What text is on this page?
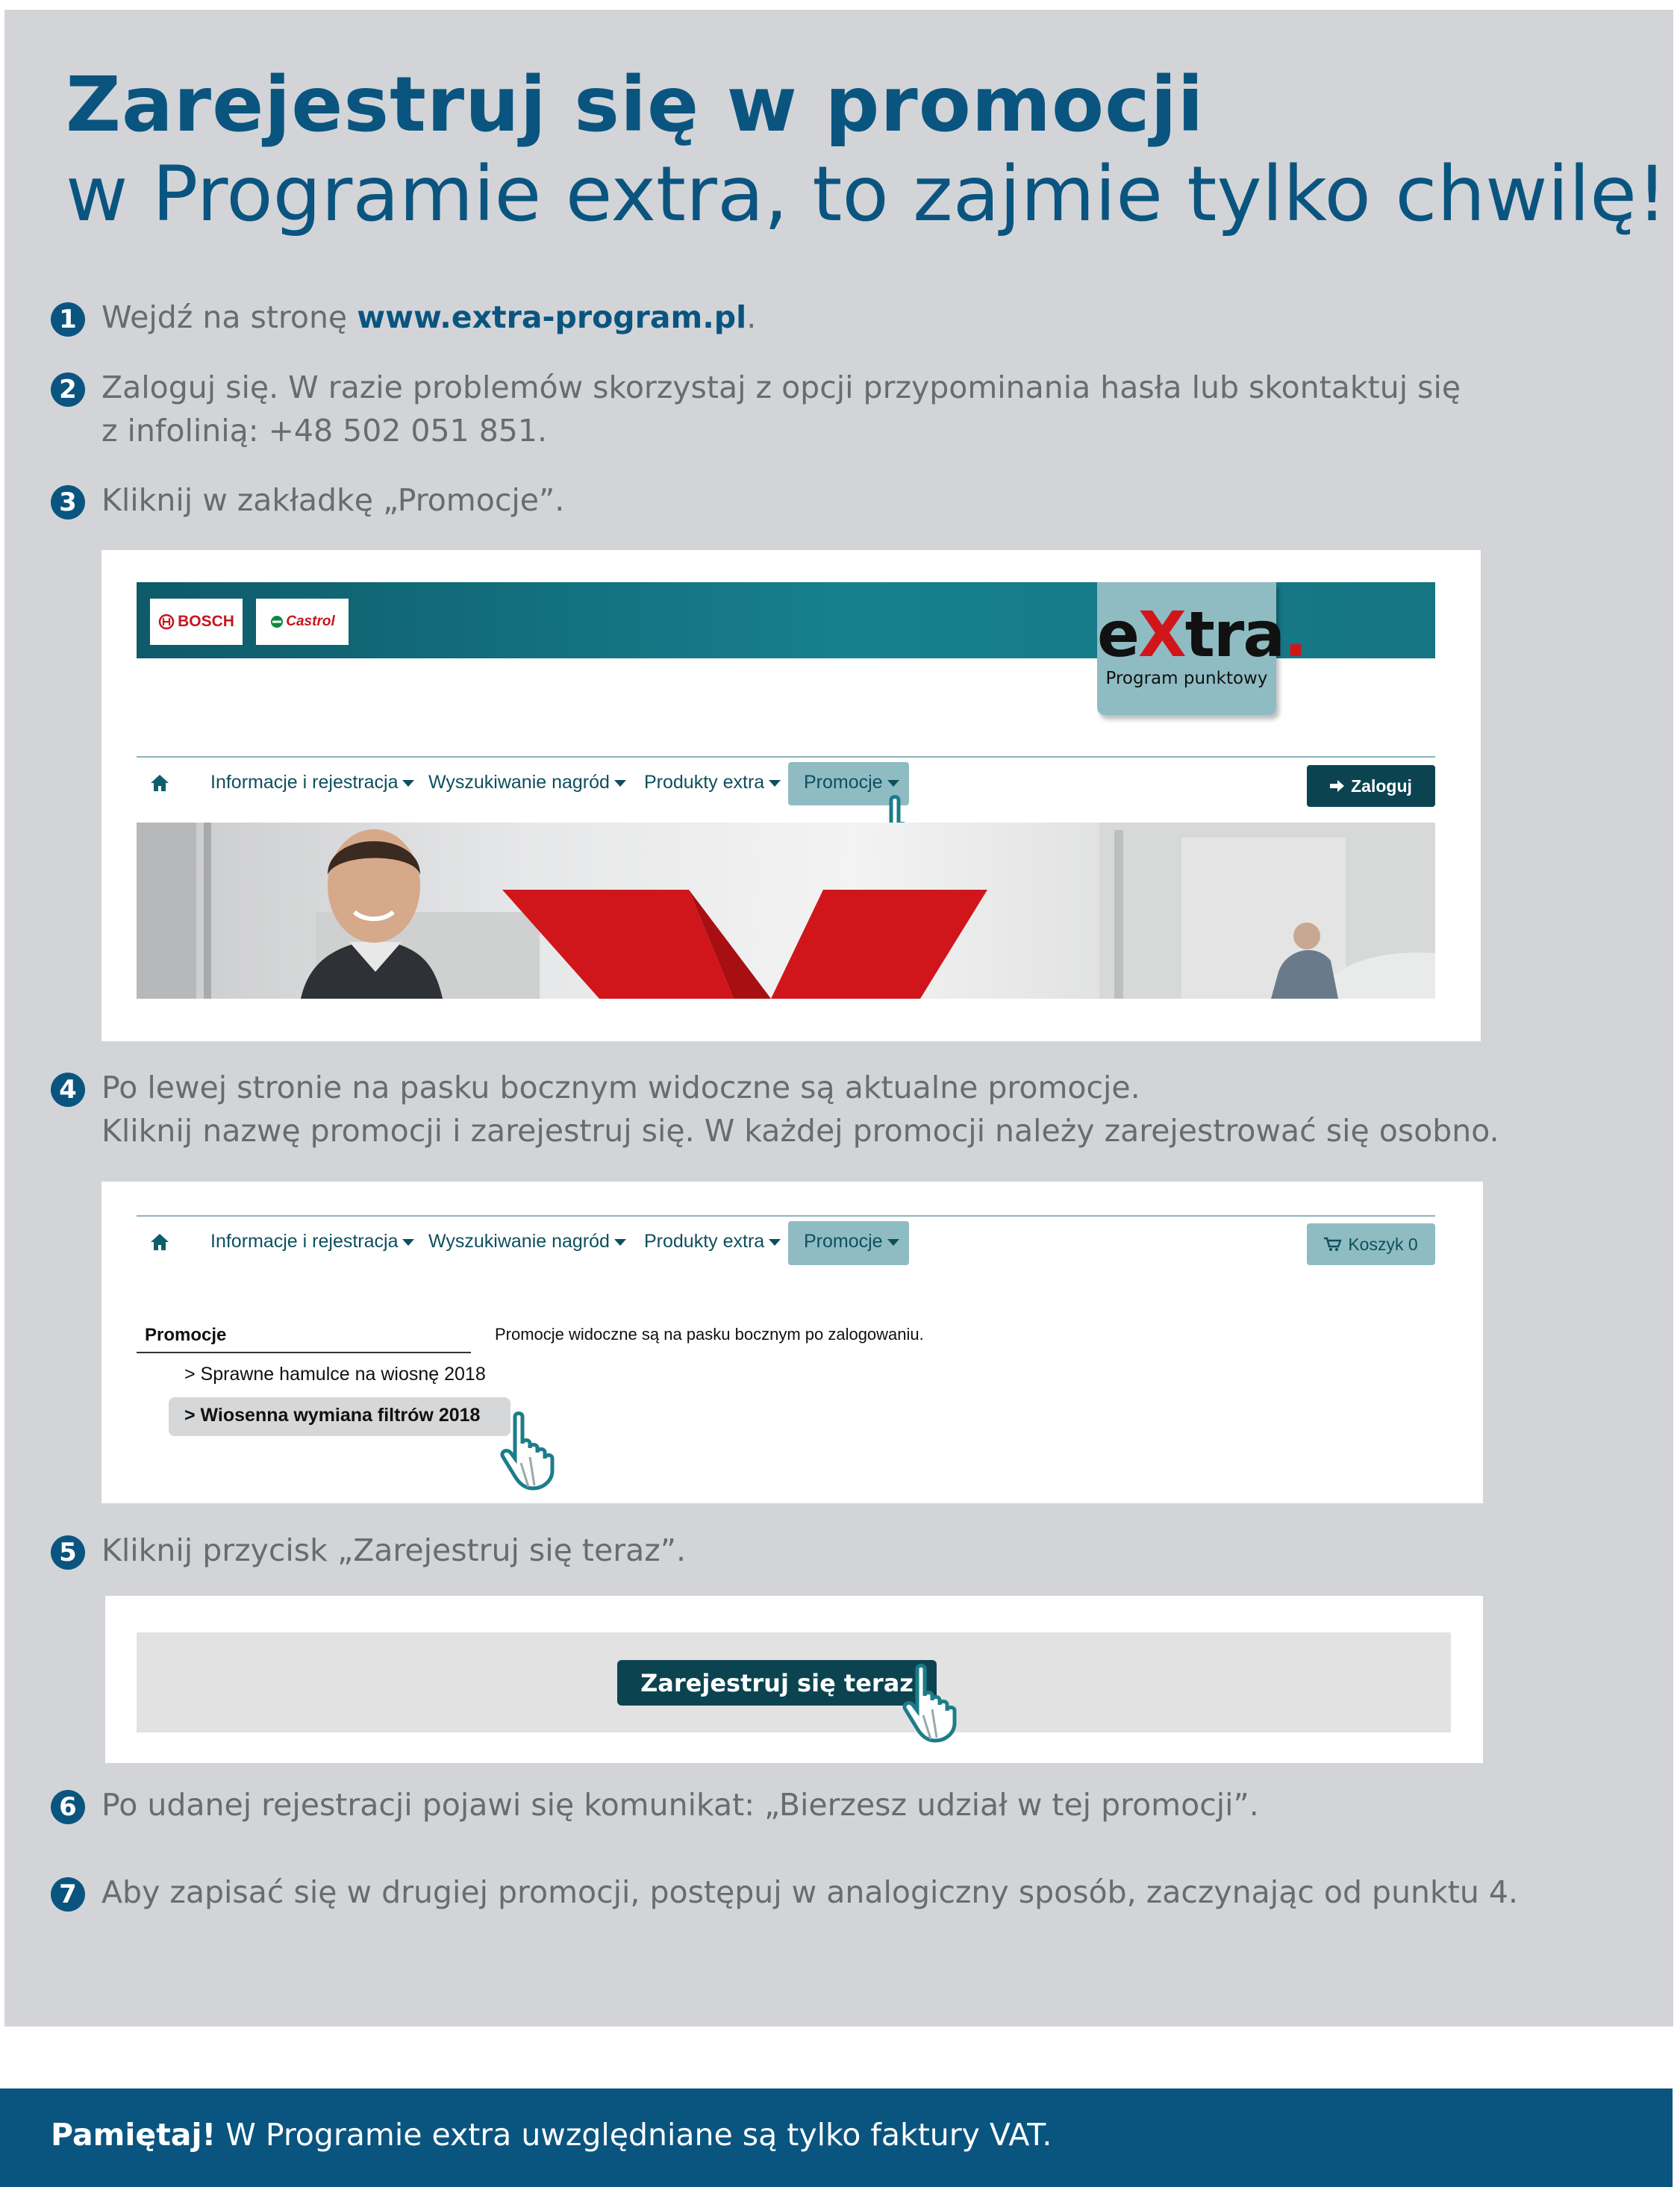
Zarejestruj się w promocji
w Programie extra, to zajmie tylko chwilę!
1 Wejdź na stronę www.extra-program.pl.
2 Zaloguj się. W razie problemów skorzystaj z opcji przypominania hasła lub skontaktuj się
z infolinią: +48 502 051 851.
3 Kliknij w zakładkę „Promocje”.
BOSCH	Castrol	eXtra.
Program punktowy
Informacje i rejestracja	Wyszukiwanie nagród	Produkty extra	Promocje	Zaloguj
4 Po lewej stronie na pasku bocznym widoczne są aktualne promocje.
Kliknij nazwę promocji i zarejestruj się. W każdej promocji należy zarejestrować się osobno.
Informacje i rejestracja	Wyszukiwanie nagród	Produkty extra	Promocje	Koszyk 0
Promocje	Promocje widoczne są na pasku bocznym po zalogowaniu.
> Sprawne hamulce na wiosnę 2018
> Wiosenna wymiana filtrów 2018
5 Kliknij przycisk „Zarejestruj się teraz”.
Zarejestruj się teraz
6 Po udanej rejestracji pojawi się komunikat: „Bierzesz udział w tej promocji”.
7 Aby zapisać się w drugiej promocji, postępuj w analogiczny sposób, zaczynając od punktu 4.
Pamiętaj! W Programie extra uwzględniane są tylko faktury VAT.
